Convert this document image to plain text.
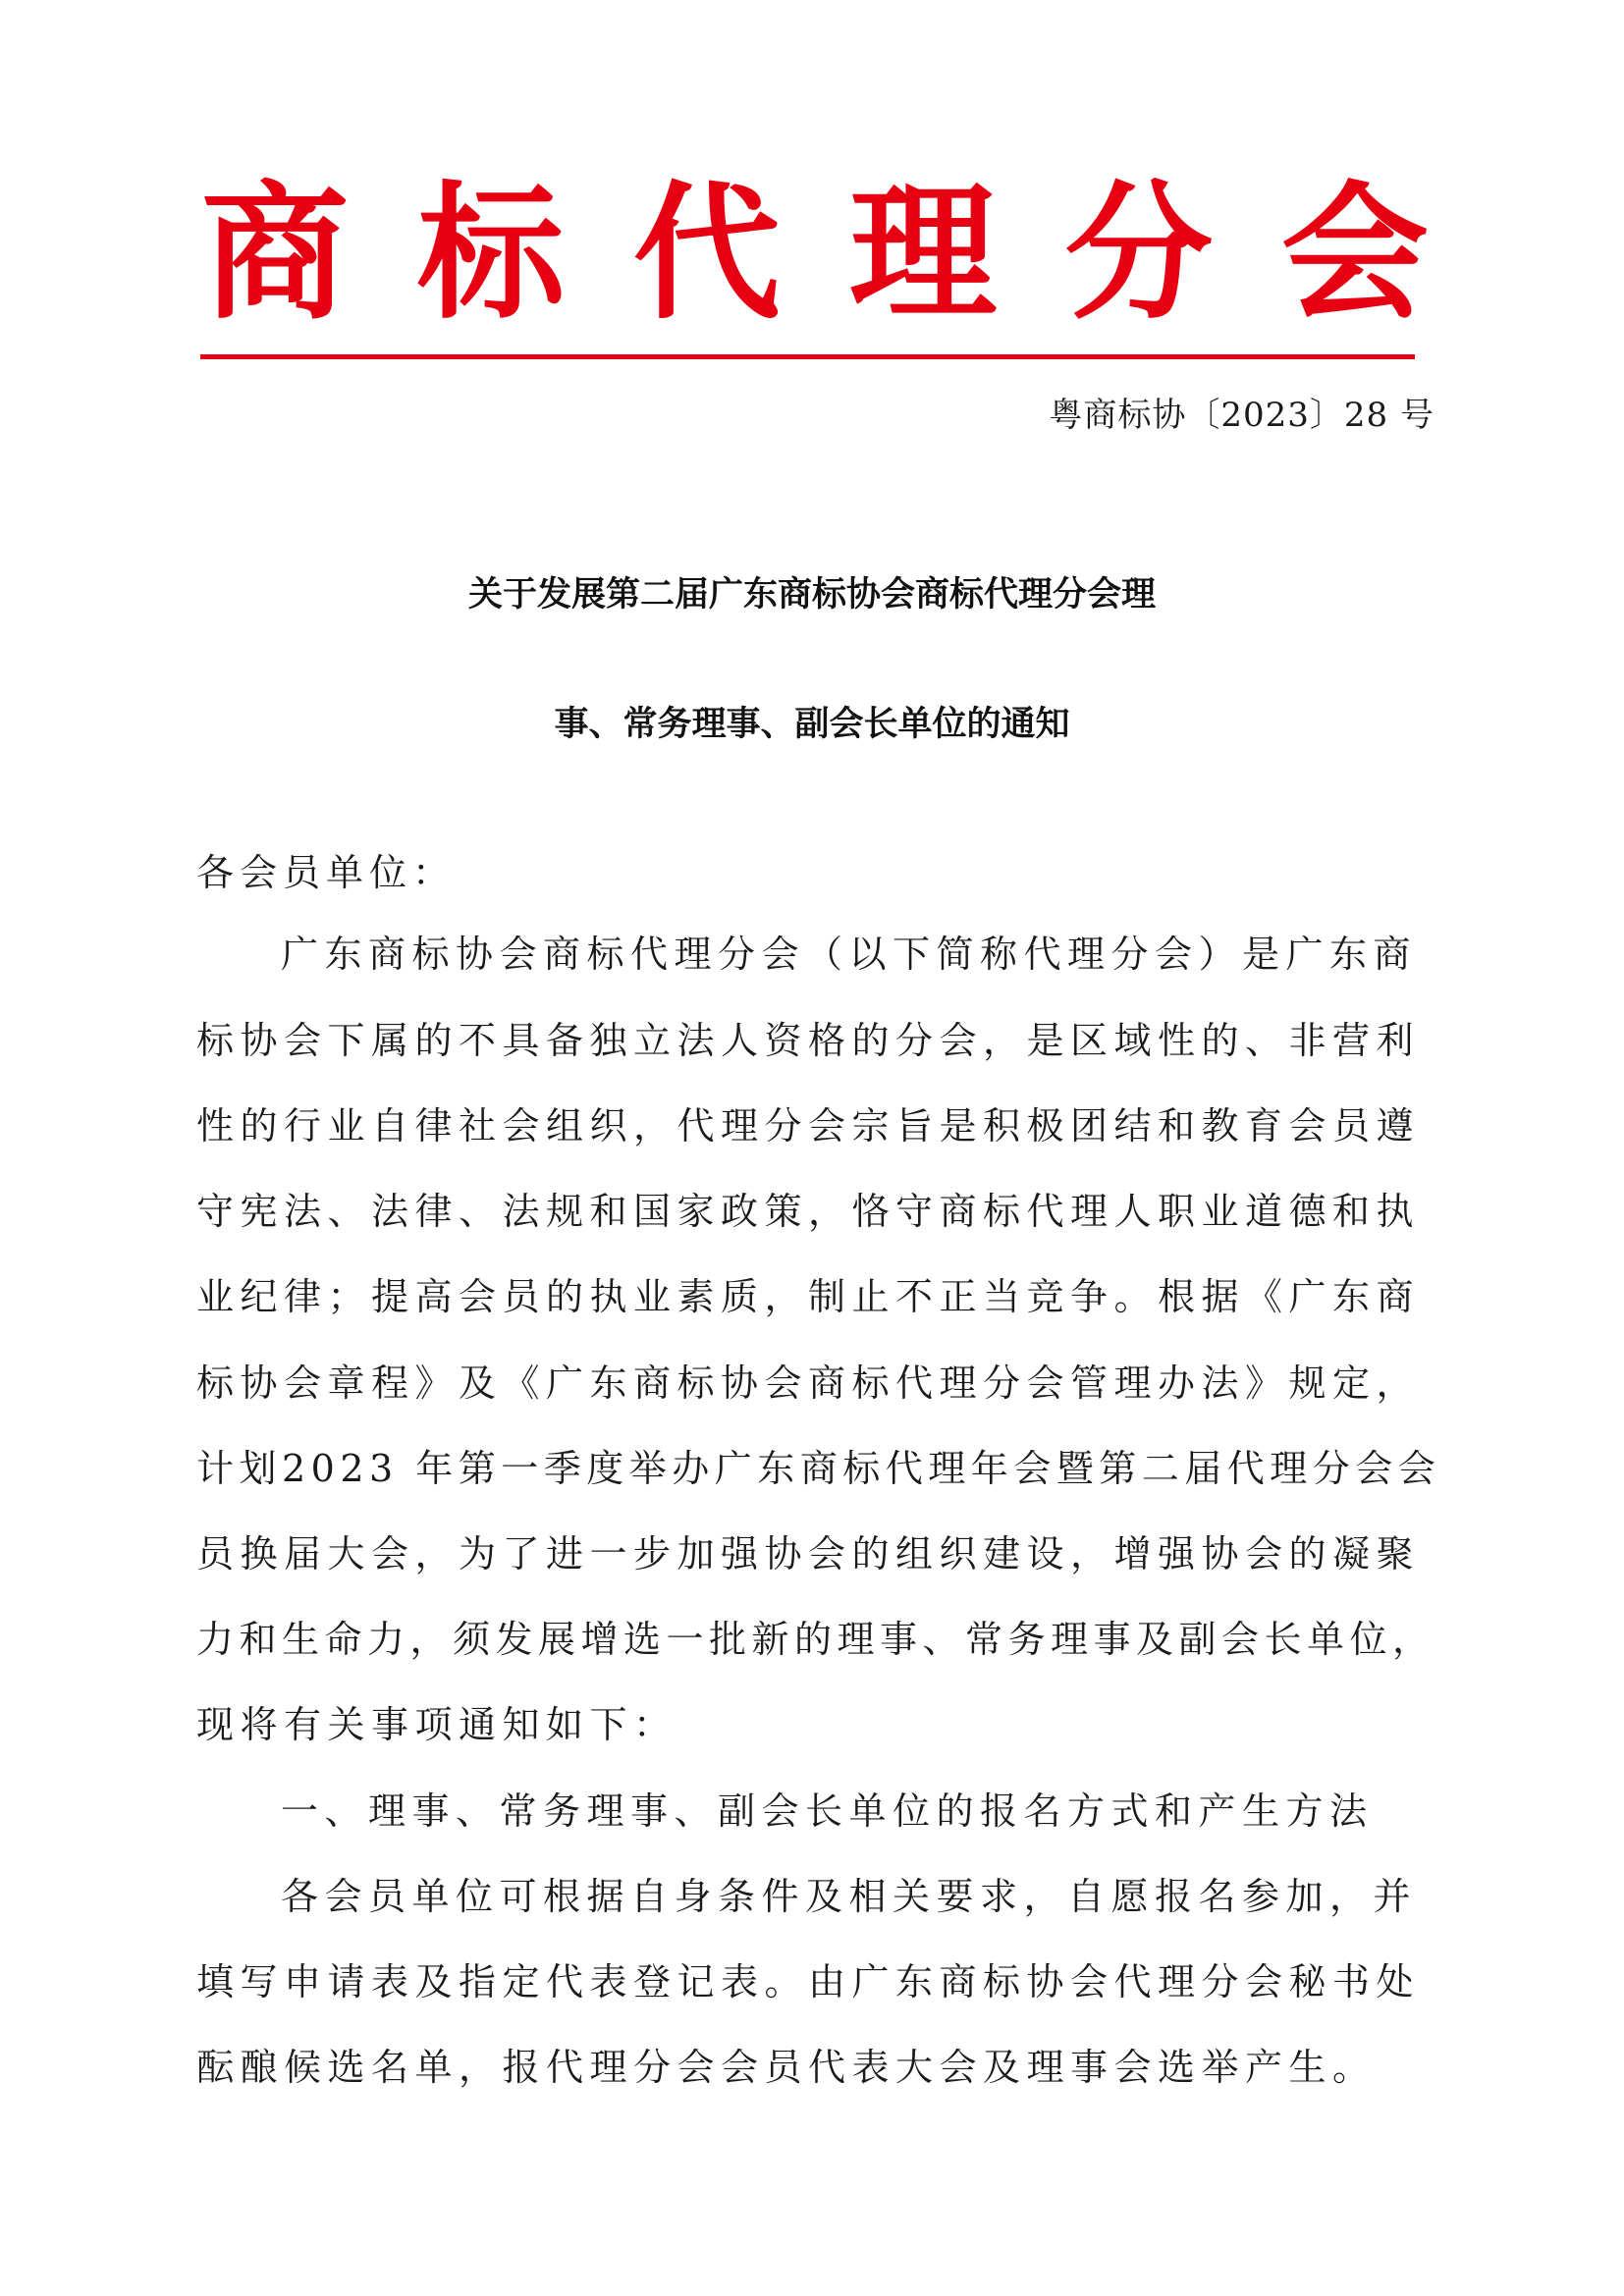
商 标 代 理 分 会
粤商标协〔2023〕28 号
关于发展第二届广东商标协会商标代理分会理
事、常务理事、副会长单位的通知
各会员单位：
广东商标协会商标代理分会（以下简称代理分会）是广东商
标协会下属的不具备独立法人资格的分会，是区域性的、非营利
性的行业自律社会组织，代理分会宗旨是积极团结和教育会员遵
守宪法、法律、法规和国家政策，恪守商标代理人职业道德和执
业纪律；提高会员的执业素质，制止不正当竞争。根据《广东商
标协会章程》及《广东商标协会商标代理分会管理办法》规定，
计划2023 年第一季度举办广东商标代理年会暨第二届代理分会会
员换届大会，为了进一步加强协会的组织建设，增强协会的凝聚
力和生命力，须发展增选一批新的理事、常务理事及副会长单位，
现将有关事项通知如下：
一、理事、常务理事、副会长单位的报名方式和产生方法
各会员单位可根据自身条件及相关要求，自愿报名参加，并
填写申请表及指定代表登记表。由广东商标协会代理分会秘书处
酝酿候选名单，报代理分会会员代表大会及理事会选举产生。
